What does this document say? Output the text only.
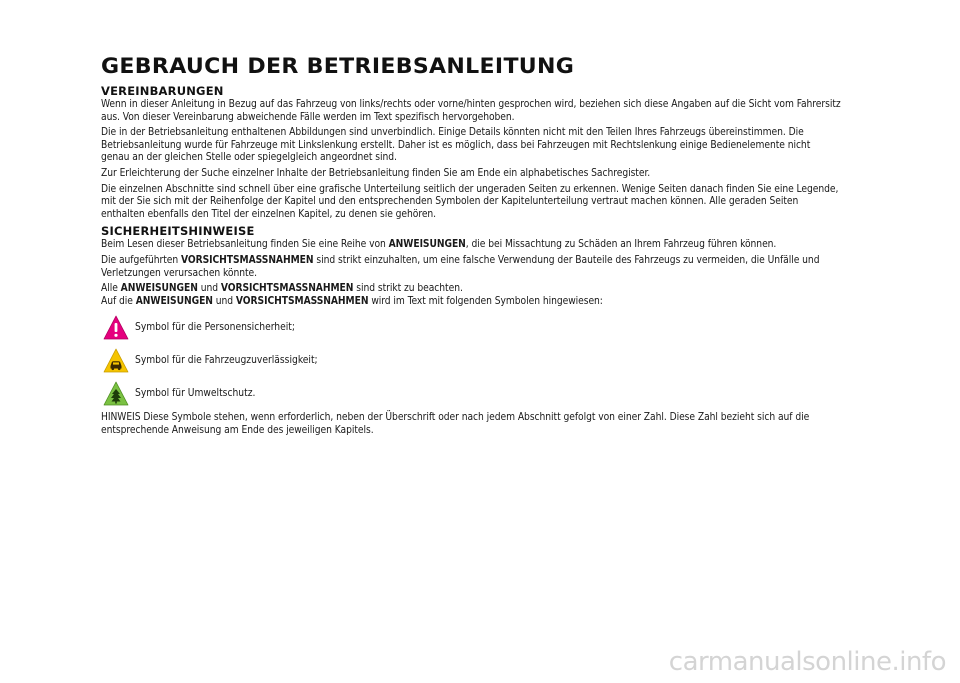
GEBRAUCH DER BETRIEBSANLEITUNG
VEREINBARUNGEN

Wenn in dieser Anleitung in Bezug auf das Fahrzeug von links/rechts oder vorne/hinten gesprochen wird, beziehen sich diese Angaben auf die Sicht vom Fahrersitz aus. Von dieser Vereinbarung abweichende Fälle werden im Text spezifisch hervorgehoben.

Die in der Betriebsanleitung enthaltenen Abbildungen sind unverbindlich. Einige Details könnten nicht mit den Teilen Ihres Fahrzeugs übereinstimmen. Die Betriebsanleitung wurde für Fahrzeuge mit Linkslenkung erstellt. Daher ist es möglich, dass bei Fahrzeugen mit Rechtslenkung einige Bedienelemente nicht genau an der gleichen Stelle oder spiegelgleich angeordnet sind.

Zur Erleichterung der Suche einzelner Inhalte der Betriebsanleitung finden Sie am Ende ein alphabetisches Sachregister.

Die einzelnen Abschnitte sind schnell über eine grafische Unterteilung seitlich der ungeraden Seiten zu erkennen. Wenige Seiten danach finden Sie eine Legende, mit der Sie sich mit der Reihenfolge der Kapitel und den entsprechenden Symbolen der Kapitelunterteilung vertraut machen können. Alle geraden Seiten enthalten ebenfalls den Titel der einzelnen Kapitel, zu denen sie gehören.

SICHERHEITSHINWEISE

Beim Lesen dieser Betriebsanleitung finden Sie eine Reihe von ANWEISUNGEN, die bei Missachtung zu Schäden an Ihrem Fahrzeug führen können.

Die aufgeführten VORSICHTSMASSNAHMEN sind strikt einzuhalten, um eine falsche Verwendung der Bauteile des Fahrzeugs zu vermeiden, die Unfälle und Verletzungen verursachen könnte.

Alle ANWEISUNGEN und VORSICHTSMASSNAHMEN sind strikt zu beachten.

Auf die ANWEISUNGEN und VORSICHTSMASSNAHMEN wird im Text mit folgenden Symbolen hingewiesen:

Symbol für die Personensicherheit;
Symbol für die Fahrzeugzuverlässigkeit;
Symbol für Umweltschutz.

HINWEIS Diese Symbole stehen, wenn erforderlich, neben der Überschrift oder nach jedem Abschnitt gefolgt von einer Zahl. Diese Zahl bezieht sich auf die entsprechende Anweisung am Ende des jeweiligen Kapitels.

carmanualsonline.info
